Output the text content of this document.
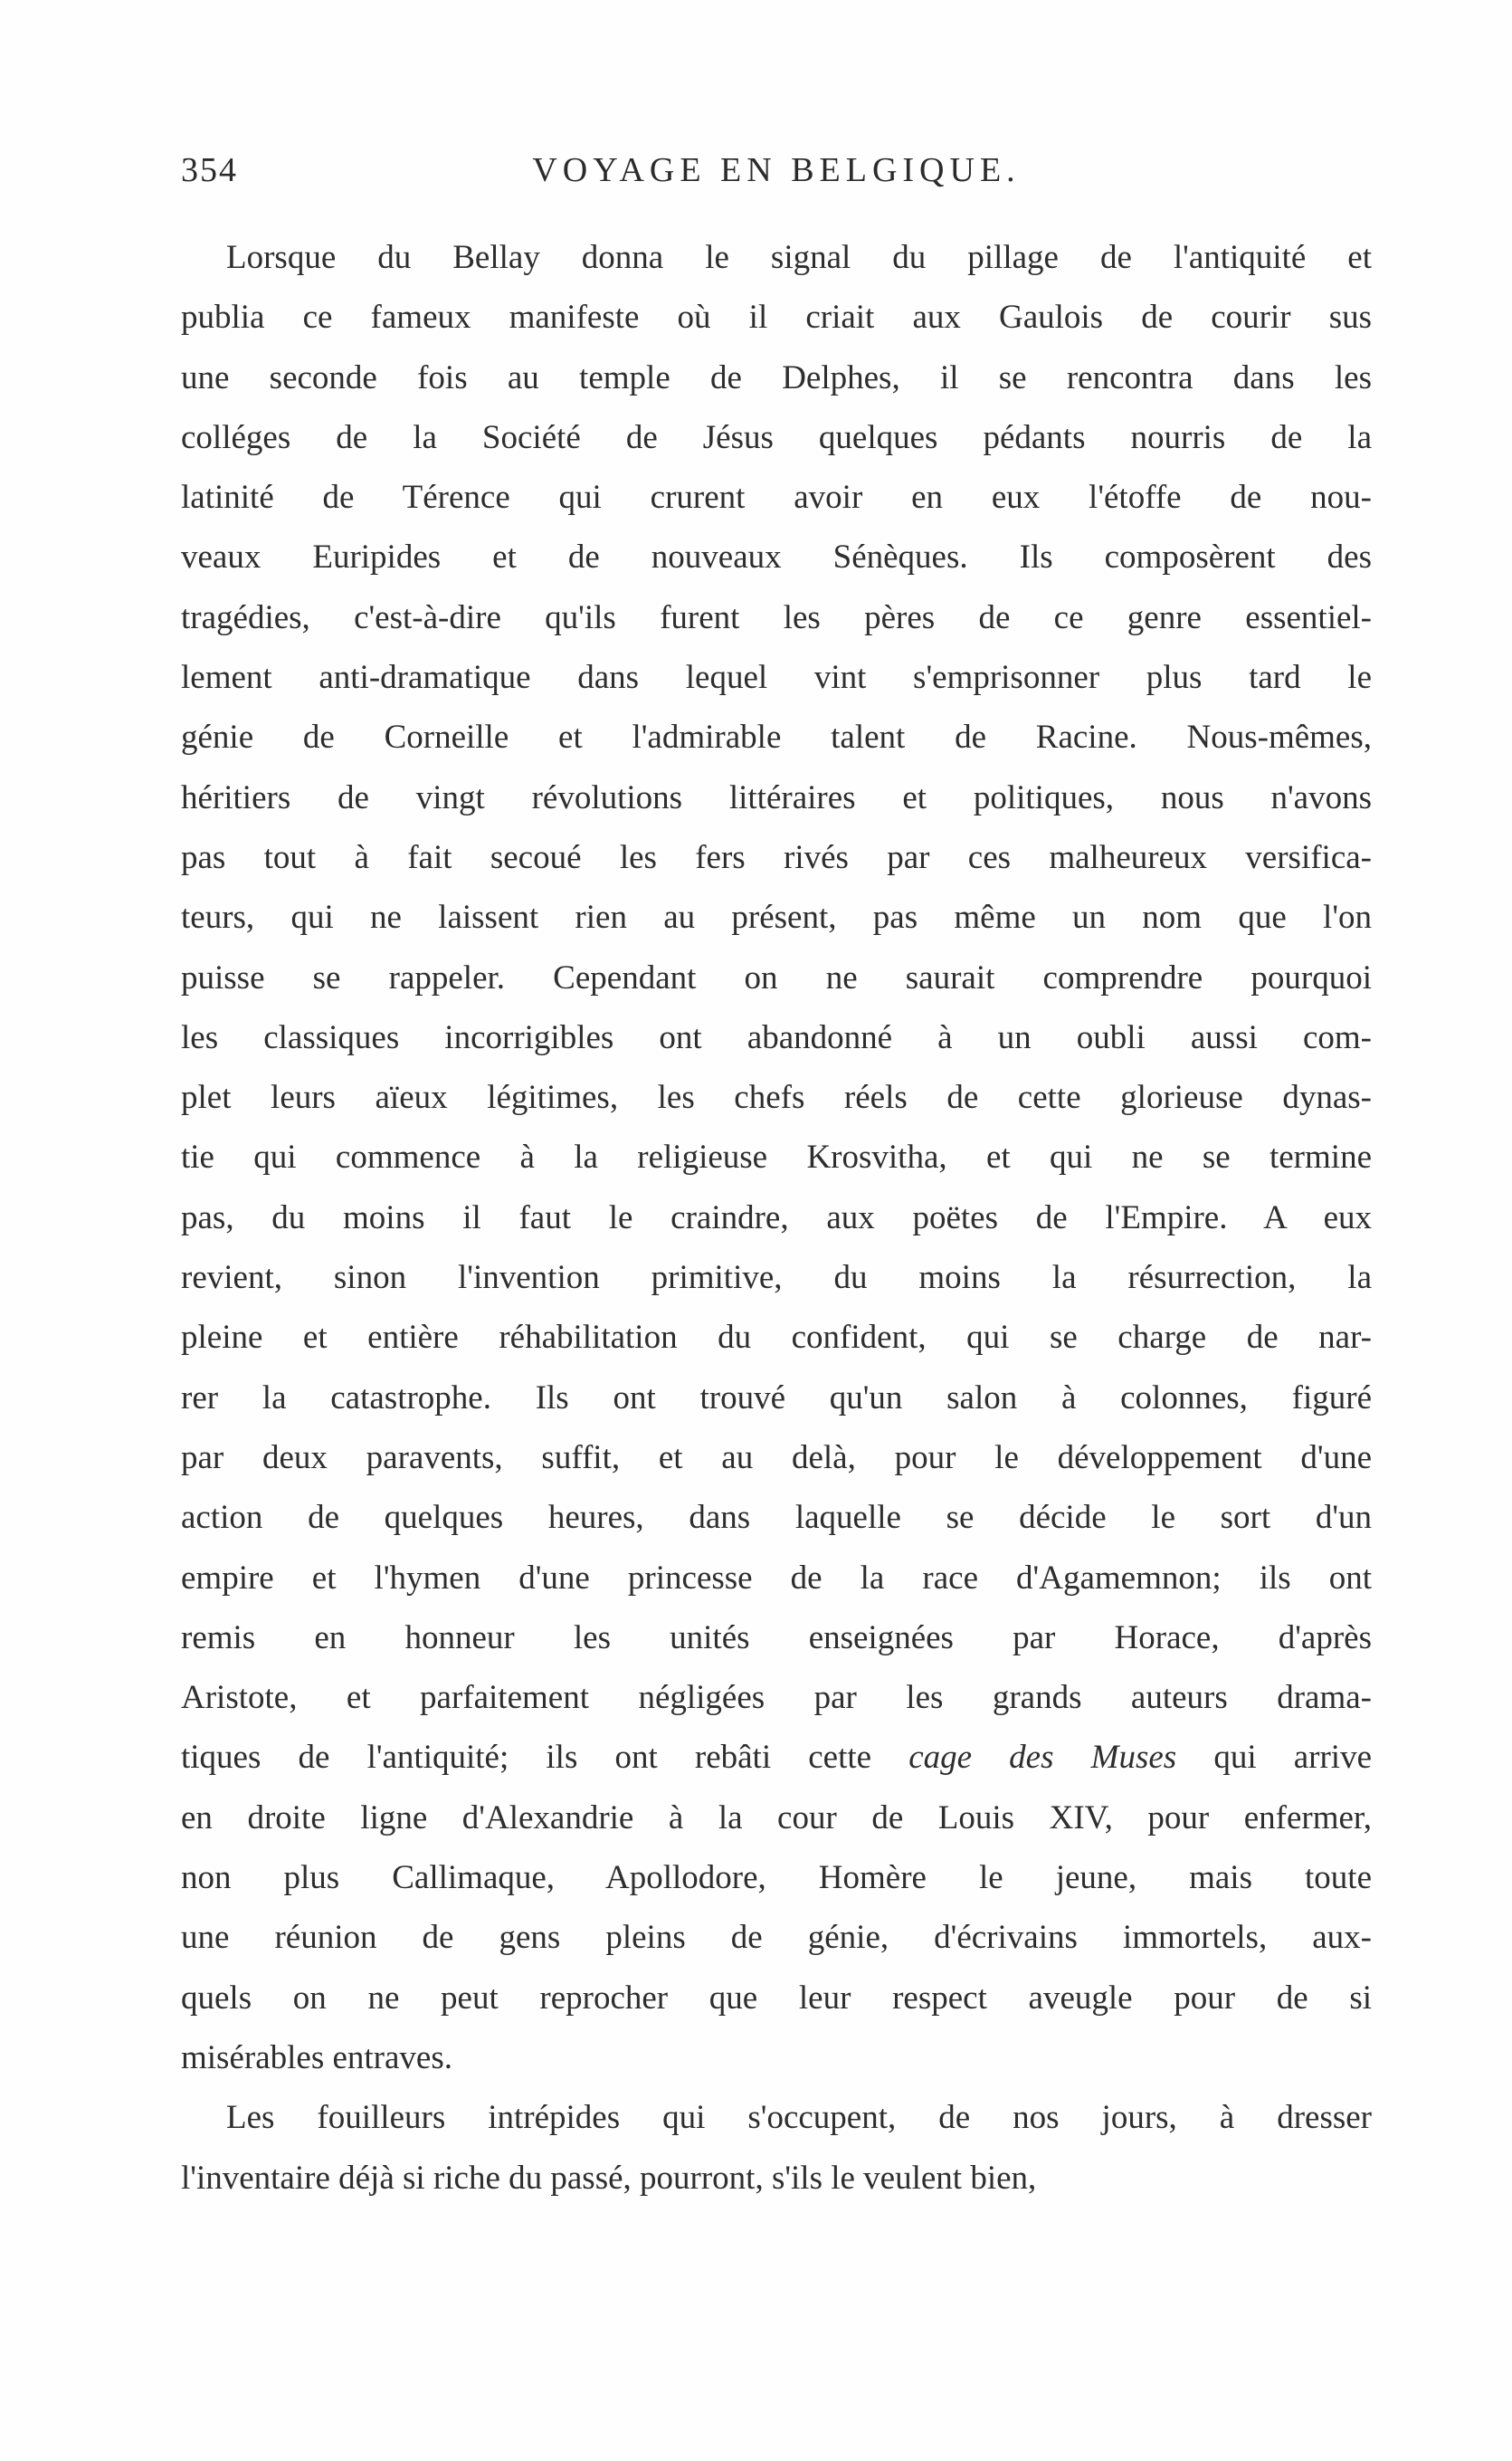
354	VOYAGE EN BELGIQUE.
Lorsque du Bellay donna le signal du pillage de l'antiquité et
publia ce fameux manifeste où il criait aux Gaulois de courir sus
une seconde fois au temple de Delphes, il se rencontra dans les
colléges de la Société de Jésus quelques pédants nourris de la
latinité de Térence qui crurent avoir en eux l'étoffe de nou-
veaux Euripides et de nouveaux Sénèques. Ils composèrent des
tragédies, c'est-à-dire qu'ils furent les pères de ce genre essentiel-
lement anti-dramatique dans lequel vint s'emprisonner plus tard le
génie de Corneille et l'admirable talent de Racine. Nous-mêmes,
héritiers de vingt révolutions littéraires et politiques, nous n'avons
pas tout à fait secoué les fers rivés par ces malheureux versifica-
teurs, qui ne laissent rien au présent, pas même un nom que l'on
puisse se rappeler. Cependant on ne saurait comprendre pourquoi
les classiques incorrigibles ont abandonné à un oubli aussi com-
plet leurs aïeux légitimes, les chefs réels de cette glorieuse dynas-
tie qui commence à la religieuse Krosvitha, et qui ne se termine
pas, du moins il faut le craindre, aux poëtes de l'Empire. A eux
revient, sinon l'invention primitive, du moins la résurrection, la
pleine et entière réhabilitation du confident, qui se charge de nar-
rer la catastrophe. Ils ont trouvé qu'un salon à colonnes, figuré
par deux paravents, suffit, et au delà, pour le développement d'une
action de quelques heures, dans laquelle se décide le sort d'un
empire et l'hymen d'une princesse de la race d'Agamemnon; ils ont
remis en honneur les unités enseignées par Horace, d'après
Aristote, et parfaitement négligées par les grands auteurs drama-
tiques de l'antiquité; ils ont rebâti cette cage des Muses qui arrive
en droite ligne d'Alexandrie à la cour de Louis XIV, pour enfermer,
non plus Callimaque, Apollodore, Homère le jeune, mais toute
une réunion de gens pleins de génie, d'écrivains immortels, aux-
quels on ne peut reprocher que leur respect aveugle pour de si
misérables entraves.
Les fouilleurs intrépides qui s'occupent, de nos jours, à dresser
l'inventaire déjà si riche du passé, pourront, s'ils le veulent bien,
